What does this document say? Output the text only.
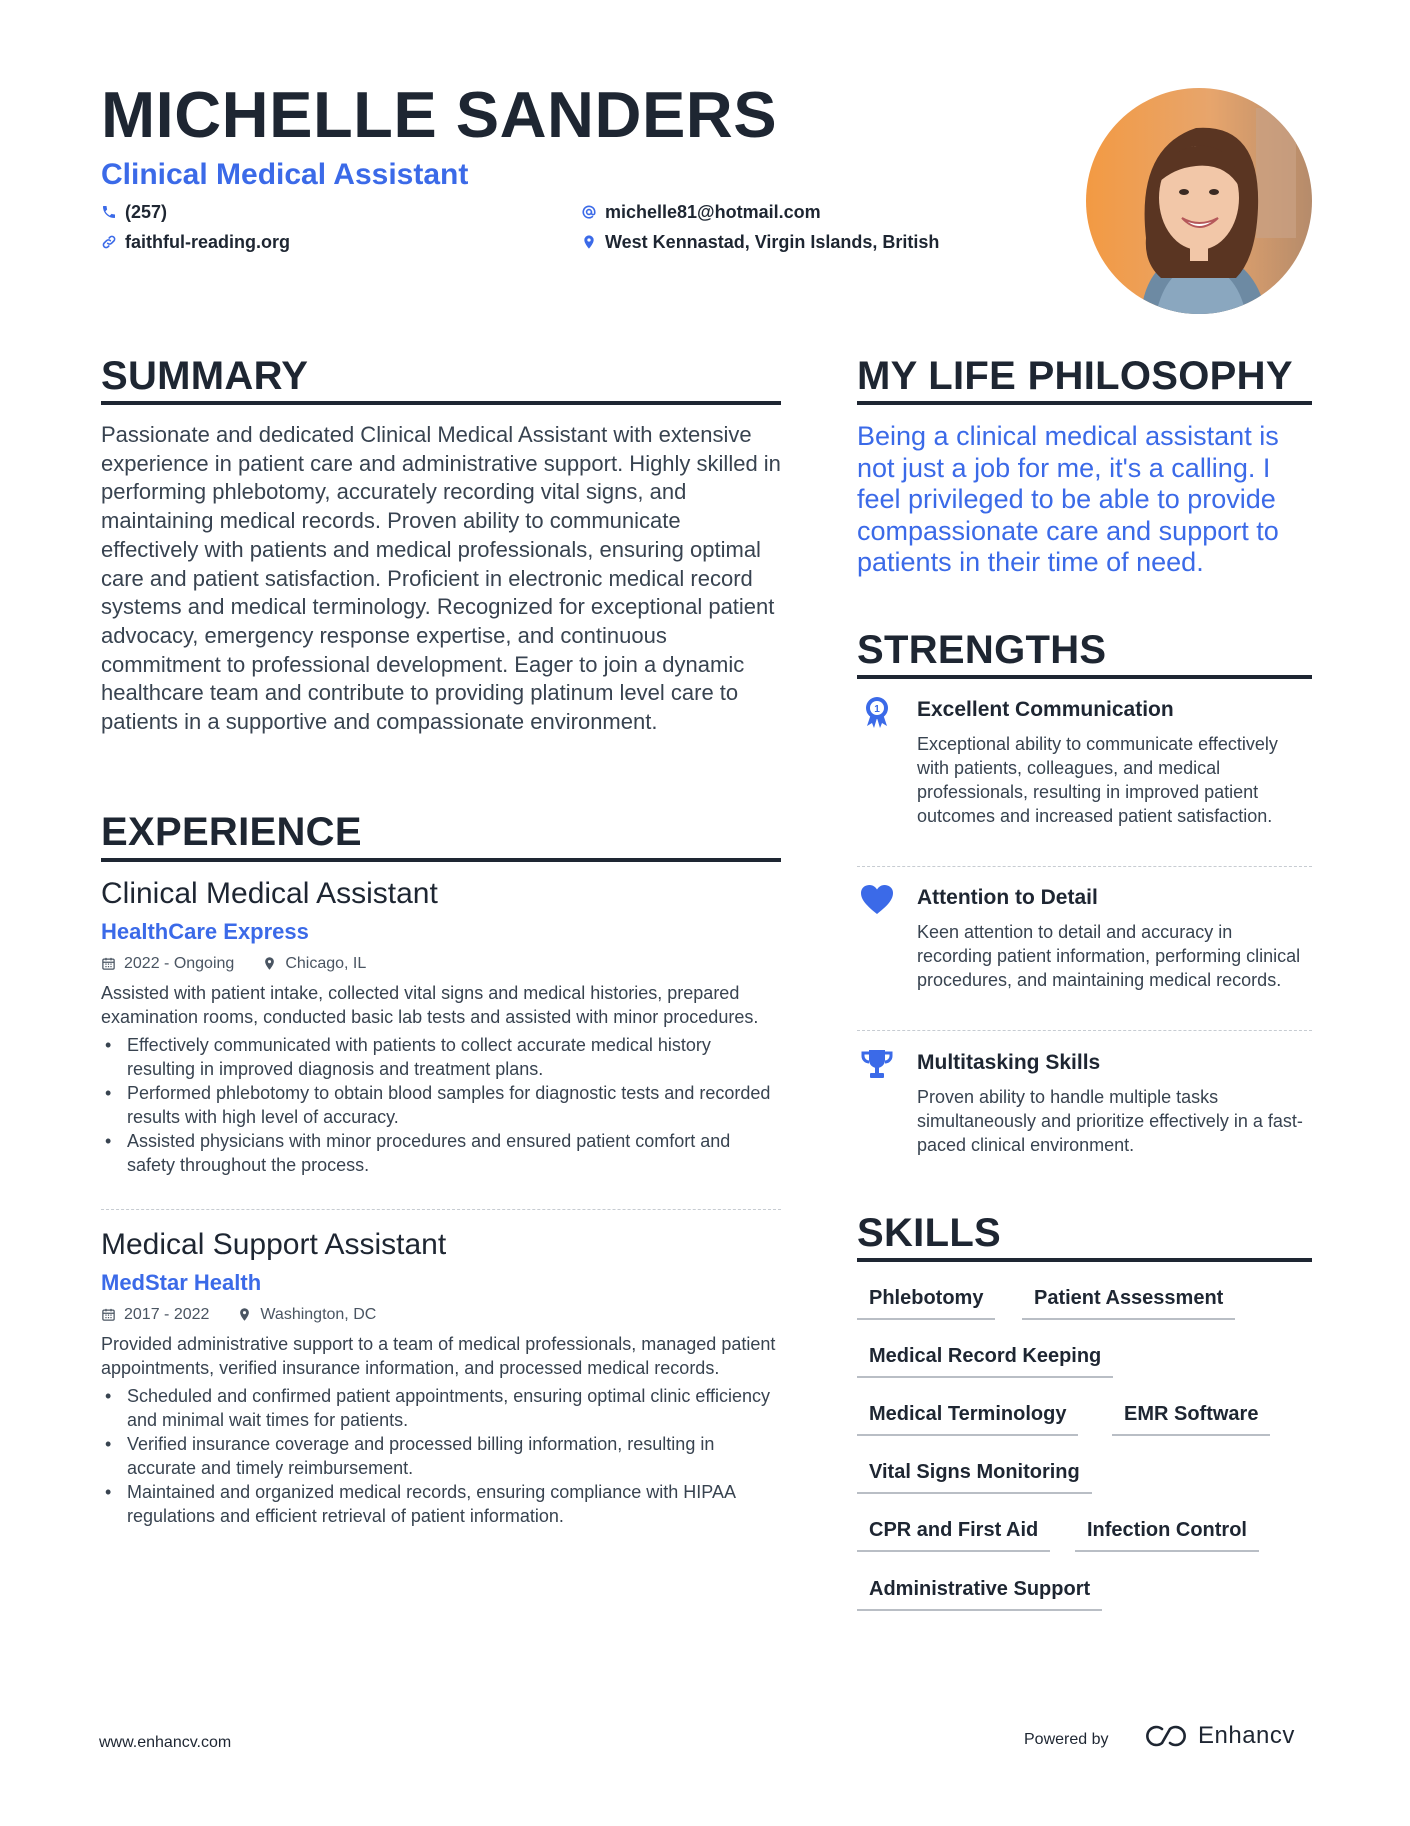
MICHELLE SANDERS
Clinical Medical Assistant
(257)
faithful-reading.org
michelle81@hotmail.com
West Kennastad, Virgin Islands, British
SUMMARY
Passionate and dedicated Clinical Medical Assistant with extensive experience in patient care and administrative support. Highly skilled in performing phlebotomy, accurately recording vital signs, and maintaining medical records. Proven ability to communicate effectively with patients and medical professionals, ensuring optimal care and patient satisfaction. Proficient in electronic medical record systems and medical terminology. Recognized for exceptional patient advocacy, emergency response expertise, and continuous commitment to professional development. Eager to join a dynamic healthcare team and contribute to providing platinum level care to patients in a supportive and compassionate environment.
EXPERIENCE
Clinical Medical Assistant
HealthCare Express
2022 - Ongoing	Chicago, IL
Assisted with patient intake, collected vital signs and medical histories, prepared examination rooms, conducted basic lab tests and assisted with minor procedures.
• Effectively communicated with patients to collect accurate medical history resulting in improved diagnosis and treatment plans.
• Performed phlebotomy to obtain blood samples for diagnostic tests and recorded results with high level of accuracy.
• Assisted physicians with minor procedures and ensured patient comfort and safety throughout the process.
Medical Support Assistant
MedStar Health
2017 - 2022	Washington, DC
Provided administrative support to a team of medical professionals, managed patient appointments, verified insurance information, and processed medical records.
• Scheduled and confirmed patient appointments, ensuring optimal clinic efficiency and minimal wait times for patients.
• Verified insurance coverage and processed billing information, resulting in accurate and timely reimbursement.
• Maintained and organized medical records, ensuring compliance with HIPAA regulations and efficient retrieval of patient information.
MY LIFE PHILOSOPHY
Being a clinical medical assistant is not just a job for me, it's a calling. I feel privileged to be able to provide compassionate care and support to patients in their time of need.
STRENGTHS
1 Excellent Communication
Exceptional ability to communicate effectively with patients, colleagues, and medical professionals, resulting in improved patient outcomes and increased patient satisfaction.
Attention to Detail
Keen attention to detail and accuracy in recording patient information, performing clinical procedures, and maintaining medical records.
Multitasking Skills
Proven ability to handle multiple tasks simultaneously and prioritize effectively in a fast-paced clinical environment.
SKILLS
Phlebotomy	Patient Assessment
Medical Record Keeping
Medical Terminology	EMR Software
Vital Signs Monitoring
CPR and First Aid	Infection Control
Administrative Support
www.enhancv.com	Powered by	Enhancv
